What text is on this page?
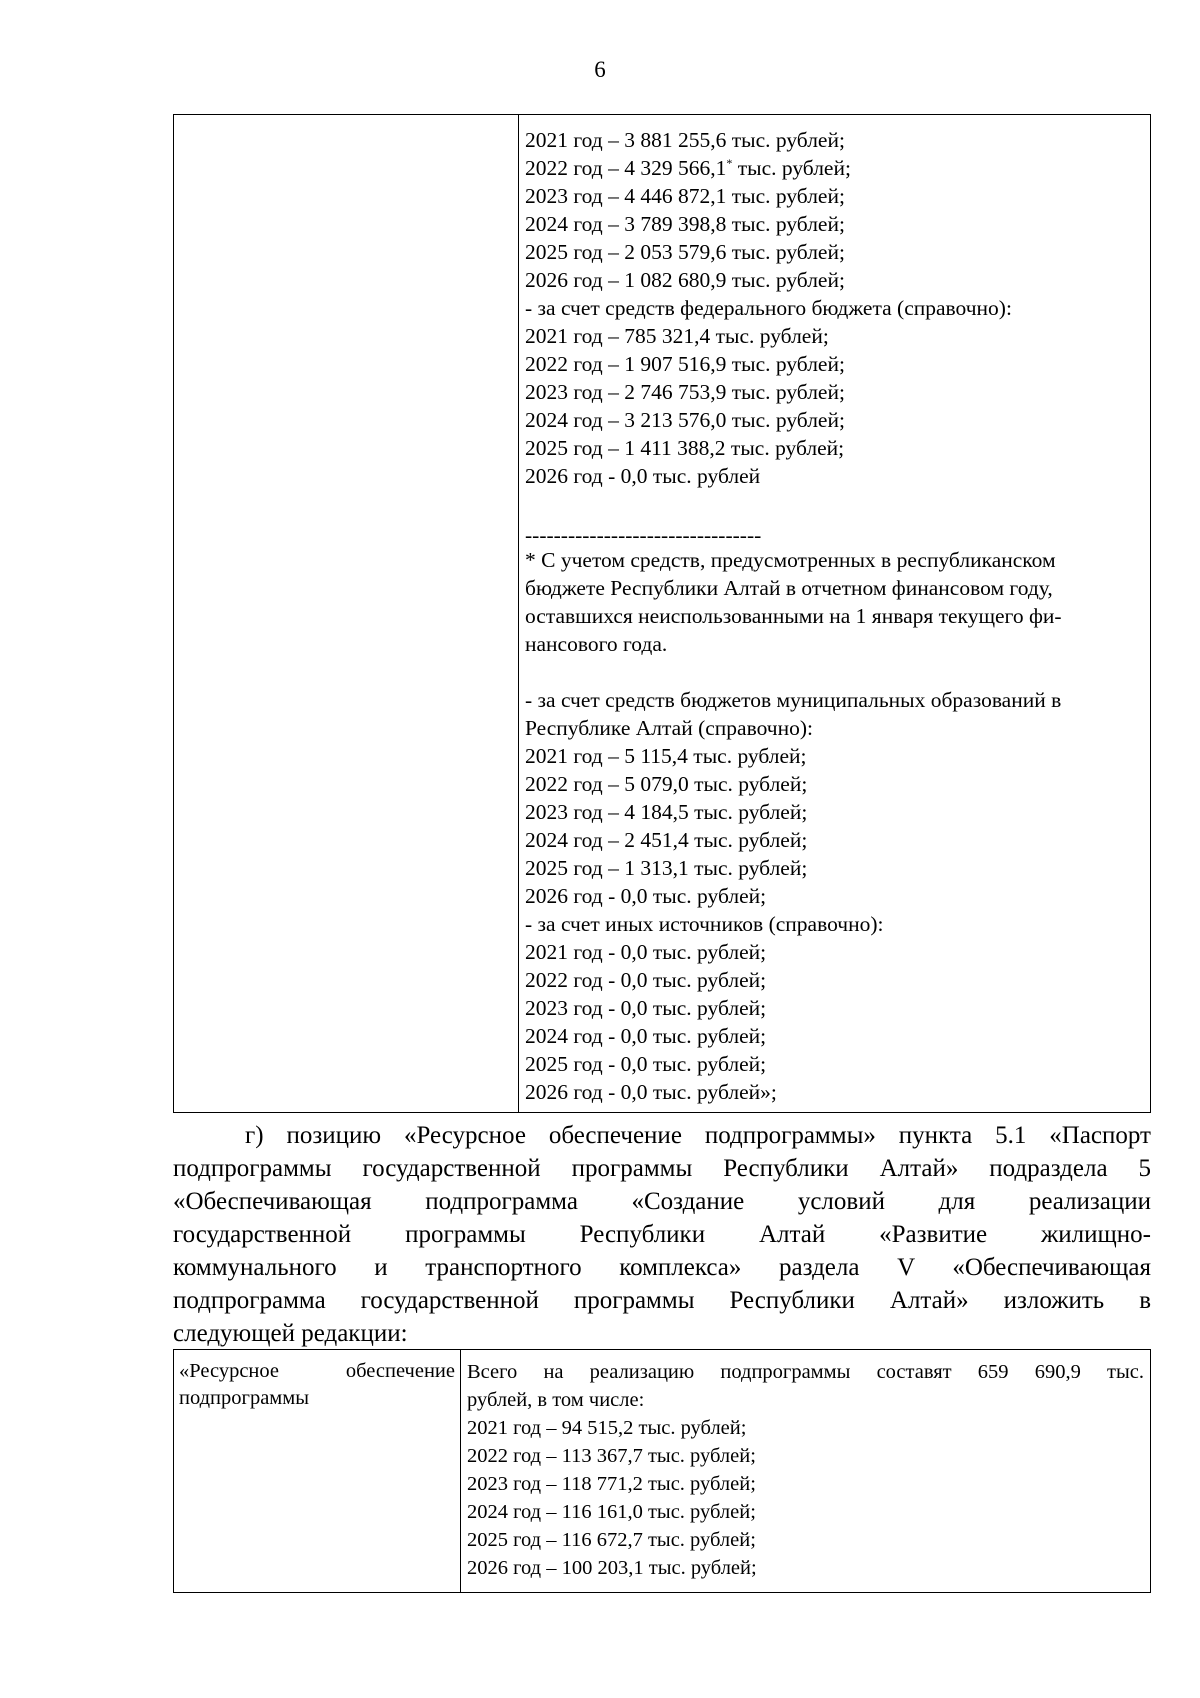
6
2021 год – 3 881 255,6 тыс. рублей;
2022 год – 4 329 566,1* тыс. рублей;
2023 год – 4 446 872,1 тыс. рублей;
2024 год – 3 789 398,8 тыс. рублей;
2025 год – 2 053 579,6 тыс. рублей;
2026 год – 1 082 680,9 тыс. рублей;
- за счет средств федерального бюджета (справочно):
2021 год – 785 321,4 тыс. рублей;
2022 год – 1 907 516,9 тыс. рублей;
2023 год – 2 746 753,9 тыс. рублей;
2024 год – 3 213 576,0 тыс. рублей;
2025 год – 1 411 388,2 тыс. рублей;
2026 год - 0,0 тыс. рублей
---------------------------------
* С учетом средств, предусмотренных в республиканском
бюджете Республики Алтай в отчетном финансовом году,
оставшихся неиспользованными на 1 января текущего фи-
нансового года.
- за счет средств бюджетов муниципальных образований в
Республике Алтай (справочно):
2021 год – 5 115,4 тыс. рублей;
2022 год – 5 079,0 тыс. рублей;
2023 год – 4 184,5 тыс. рублей;
2024 год – 2 451,4 тыс. рублей;
2025 год – 1 313,1 тыс. рублей;
2026 год - 0,0 тыс. рублей;
- за счет иных источников (справочно):
2021 год - 0,0 тыс. рублей;
2022 год - 0,0 тыс. рублей;
2023 год - 0,0 тыс. рублей;
2024 год - 0,0 тыс. рублей;
2025 год - 0,0 тыс. рублей;
2026 год - 0,0 тыс. рублей»;
г) позицию «Ресурсное обеспечение подпрограммы» пункта 5.1 «Паспорт
подпрограммы государственной программы Республики Алтай» подраздела 5
«Обеспечивающая подпрограмма «Создание условий для реализации
государственной программы Республики Алтай «Развитие жилищно-
коммунального и транспортного комплекса» раздела V «Обеспечивающая
подпрограмма государственной программы Республики Алтай» изложить в
следующей редакции:
«Ресурсное обеспечение
подпрограммы
Всего на реализацию подпрограммы составят 659 690,9 тыс.
рублей, в том числе:
2021 год – 94 515,2 тыс. рублей;
2022 год – 113 367,7 тыс. рублей;
2023 год – 118 771,2 тыс. рублей;
2024 год – 116 161,0 тыс. рублей;
2025 год – 116 672,7 тыс. рублей;
2026 год – 100 203,1 тыс. рублей;
